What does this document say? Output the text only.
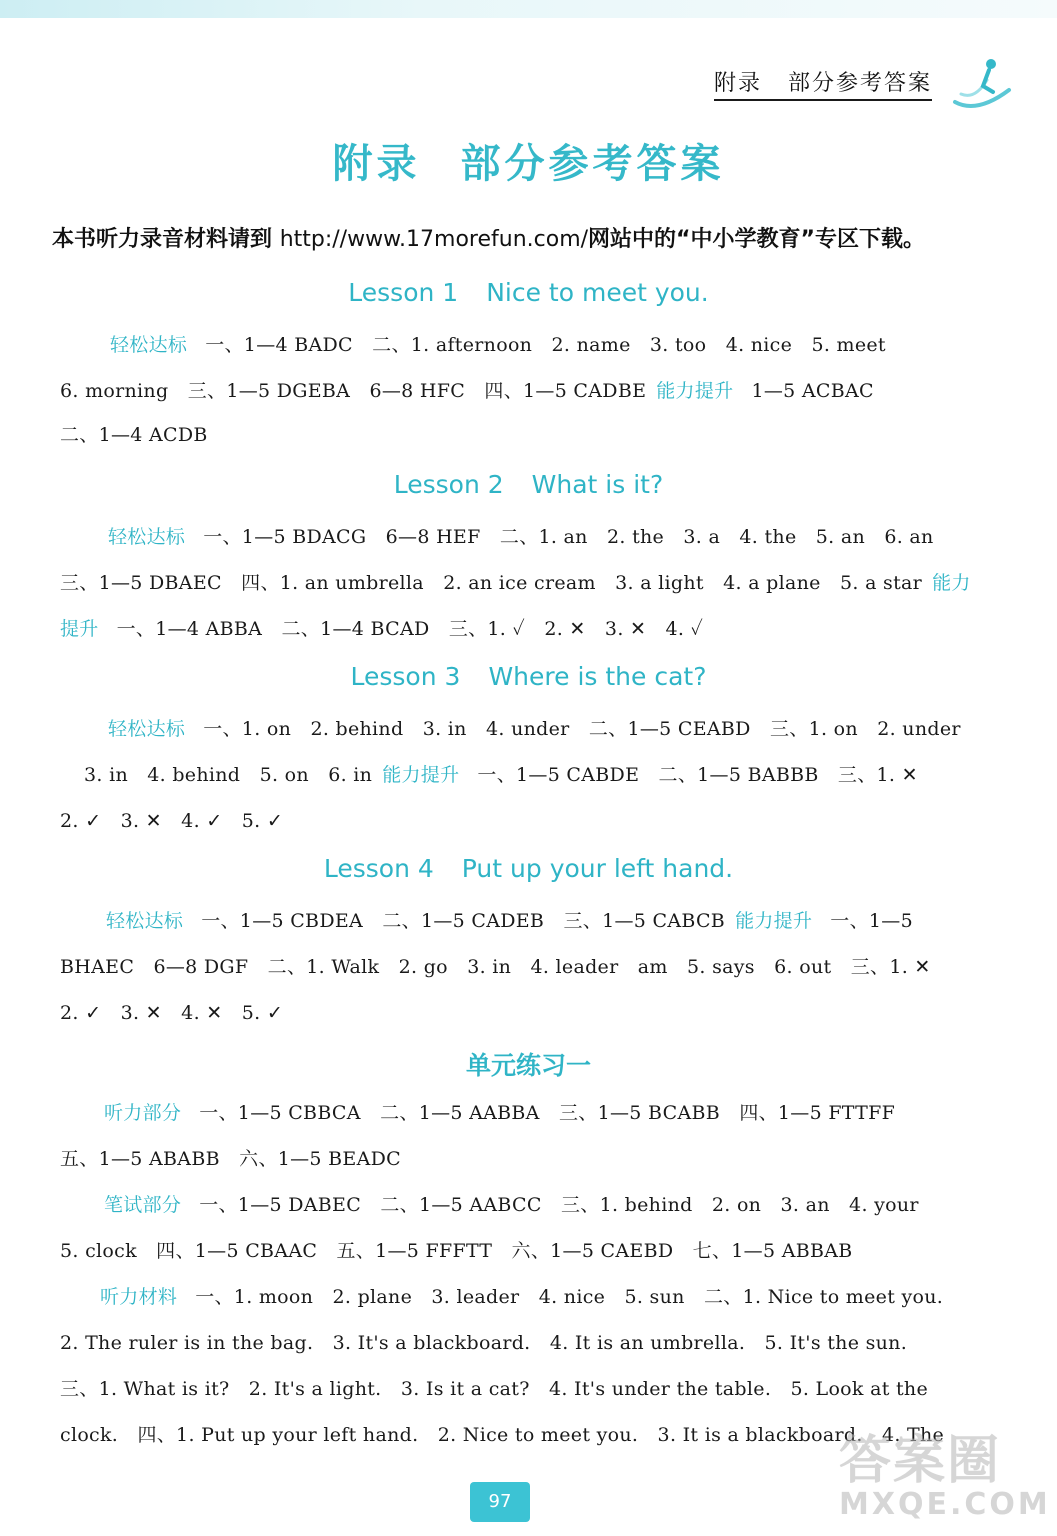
附录 部分参考答案
附录 部分参考答案
本书听力录音材料请到 http://www.17morefun.com/网站中的“中小学教育”专区下载。
Lesson 1 Nice to meet you.
轻松达标 一、1—4 BADC　二、1. afternoon　2. name　3. too　4. nice　5. meet
6. morning　三、1—5 DGEBA　6—8 HFC　四、1—5 CADBE 能力提升 1—5 ACBAC
二、1—4 ACDB
Lesson 2 What is it?
轻松达标 一、1—5 BDACG　6—8 HEF　二、1. an　2. the　3. a　4. the　5. an　6. an
三、1—5 DBAEC　四、1. an umbrella　2. an ice cream　3. a light　4. a plane　5. a star 能力
提升 一、1—4 ABBA　二、1—4 BCAD　三、1. ✓　2. ✕　3. ✕　4. ✓
Lesson 3 Where is the cat?
轻松达标 一、1. on　2. behind　3. in　4. under　二、1—5 CEABD　三、1. on　2. under
3. in　4. behind　5. on　6. in 能力提升 一、1—5 CABDE　二、1—5 BABBB　三、1. ✕
2. ✓　3. ✕　4. ✓　5. ✓
Lesson 4 Put up your left hand.
轻松达标 一、1—5 CBDEA　二、1—5 CADEB　三、1—5 CABCB 能力提升 一、1—5
BHAEC　6—8 DGF　二、1. Walk　2. go　3. in　4. leader　am　5. says　6. out　三、1. ✕
2. ✓　3. ✕　4. ✕　5. ✓
单元练习一
听力部分 一、1—5 CBBCA　二、1—5 AABBA　三、1—5 BCABB　四、1—5 FTTFF
五、1—5 ABABB　六、1—5 BEADC
笔试部分 一、1—5 DABEC　二、1—5 AABCC　三、1. behind　2. on　3. an　4. your
5. clock　四、1—5 CBAAC　五、1—5 FFFTT　六、1—5 CAEBD　七、1—5 ABBAB
听力材料 一、1. moon　2. plane　3. leader　4. nice　5. sun　二、1. Nice to meet you.
2. The ruler is in the bag.　3. It's a blackboard.　4. It is an umbrella.　5. It's the sun.
三、1. What is it?　2. It's a light.　3. Is it a cat?　4. It's under the table.　5. Look at the
clock.　四、1. Put up your left hand.　2. Nice to meet you.　3. It is a blackboard.　4. The
97
答案圈
MXQE.COM
